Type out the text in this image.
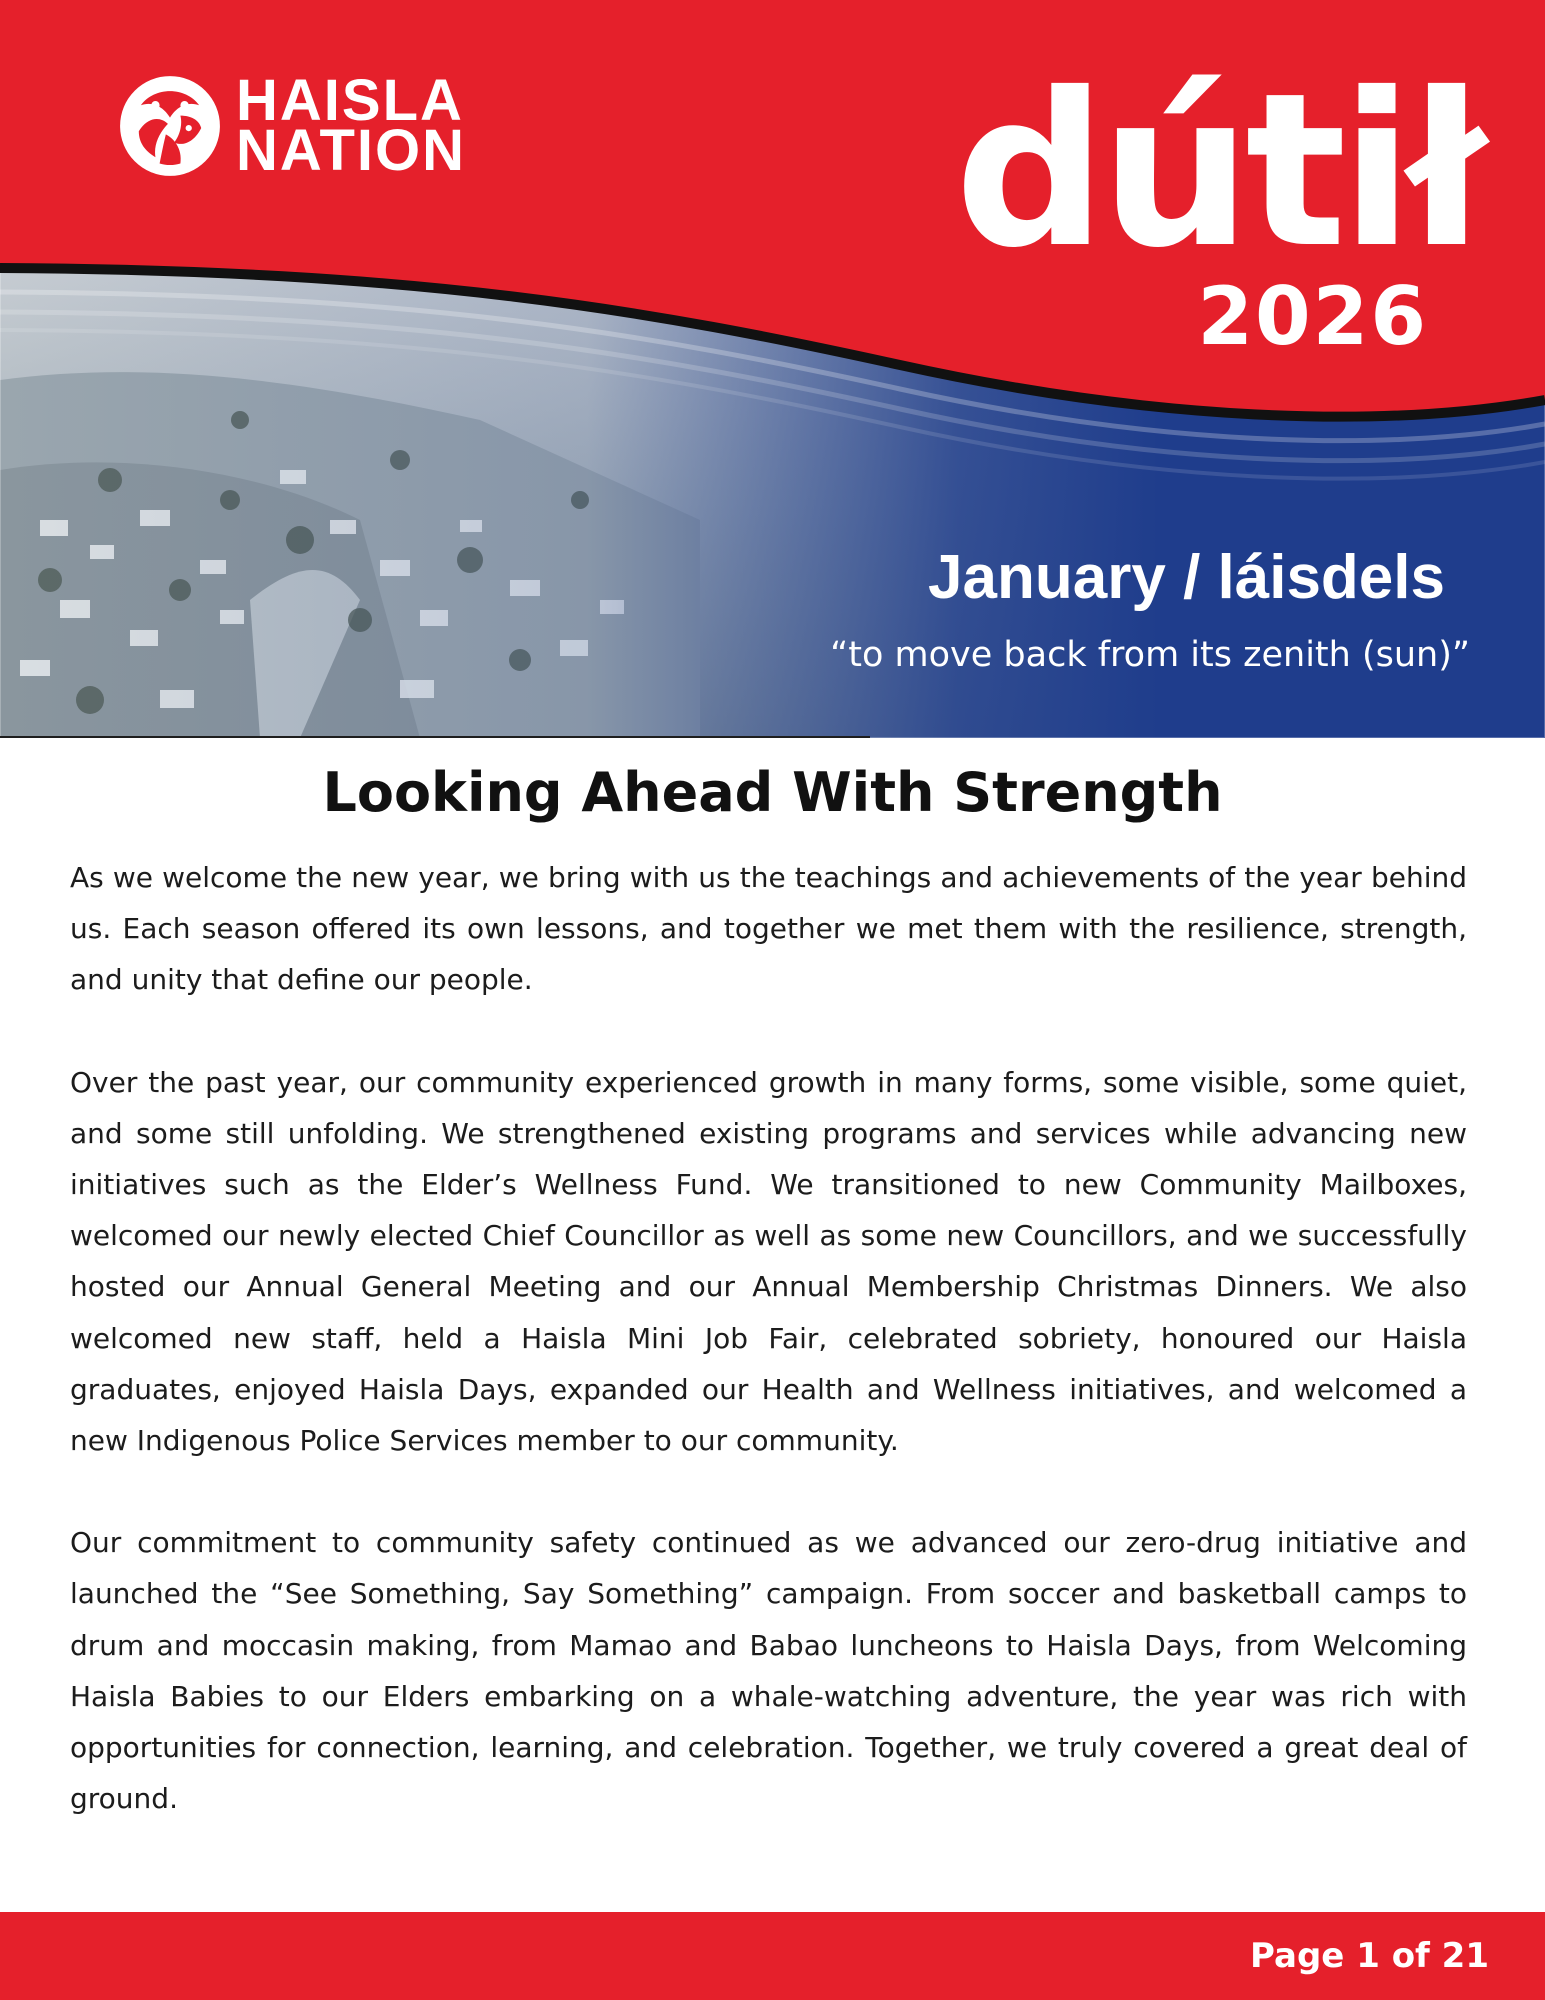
HAISLA
NATION	dútił
2026
January / láisdels
“to move back from its zenith (sun)”
Looking Ahead With Strength

As we welcome the new year, we bring with us the teachings and achievements of the year behind us. Each season offered its own lessons, and together we met them with the resilience, strength, and unity that define our people.

Over the past year, our community experienced growth in many forms, some visible, some quiet, and some still unfolding. We strengthened existing programs and services while advancing new initiatives such as the Elder’s Wellness Fund. We transitioned to new Community Mailboxes, welcomed our newly elected Chief Councillor as well as some new Councillors, and we successfully hosted our Annual General Meeting and our Annual Membership Christmas Dinners. We also welcomed new staff, held a Haisla Mini Job Fair, celebrated sobriety, honoured our Haisla graduates, enjoyed Haisla Days, expanded our Health and Wellness initiatives, and welcomed a new Indigenous Police Services member to our community.

Our commitment to community safety continued as we advanced our zero-drug initiative and launched the “See Something, Say Something” campaign. From soccer and basketball camps to drum and moccasin making, from Mamao and Babao luncheons to Haisla Days, from Welcoming Haisla Babies to our Elders embarking on a whale-watching adventure, the year was rich with opportunities for connection, learning, and celebration. Together, we truly covered a great deal of ground.

Page 1 of 21
